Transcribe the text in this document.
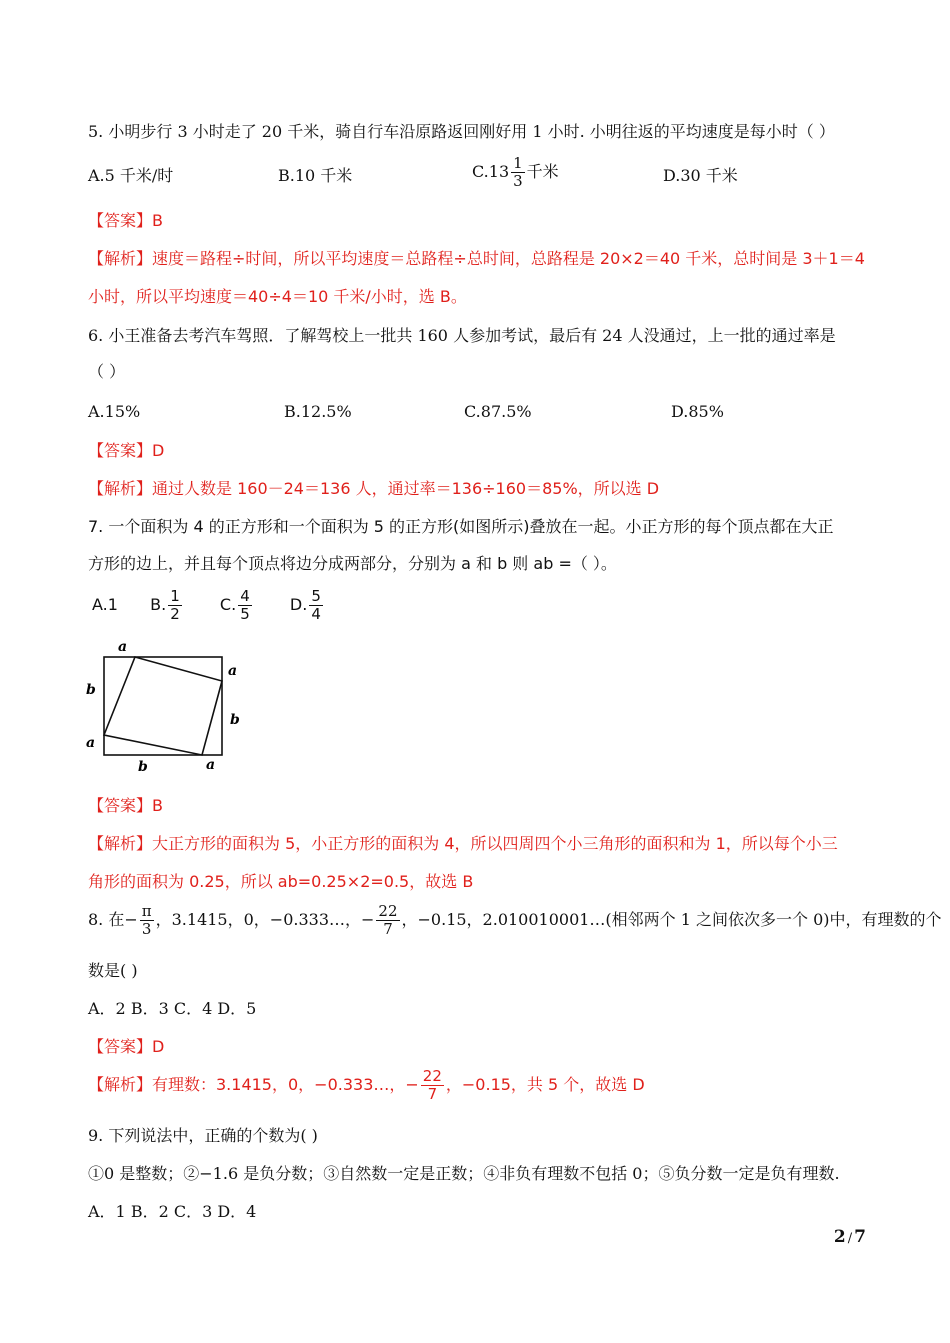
5. 小明步行 3 小时走了 20 千米，骑自行车沿原路返回刚好用 1 小时. 小明往返的平均速度是每小时（ ）
A.5 千米/时	B.10 千米	$C.13 \frac{1}{3}$ 千米	D.30 千米
【答案】B
【解析】速度＝路程÷时间，所以平均速度＝总路程÷总时间，总路程是 20×2＝40 千米，总时间是 3＋1＝4
小时，所以平均速度＝40÷4＝10 千米/小时，选 B。
6. 小王准备去考汽车驾照．了解驾校上一批共 160 人参加考试，最后有 24 人没通过，上一批的通过率是
（ ）
A.15%	B.12.5%	C.87.5%	D.85%
【答案】D
【解析】通过人数是 160－24＝136 人，通过率＝136÷160＝85%，所以选 D
7. 一个面积为 4 的正方形和一个面积为 5 的正方形(如图所示)叠放在一起。小正方形的每个顶点都在大正
方形的边上，并且每个顶点将边分成两部分，分别为 a 和 b 则 ab =（ ）。
A.1 B. $\frac{1}{2} C$. $\frac{4}{5} D$. $\frac{5}{4}$
a
a
b
b
a
b	a
【答案】B
【解析】大正方形的面积为 5，小正方形的面积为 4，所以四周四个小三角形的面积和为 1，所以每个小三
角形的面积为 0.25，所以 ab=0.25×2=0.5，故选 B
8. 在− $\frac{\pi}{3}$ ，3.1415，0，−0.333…，− $\frac{22}{7}$ ，−0.15，2.010010001…(相邻两个 1 之间依次多一个 0)中，有理数的个
数是( )
A．2 B．3 C．4 D．5
【答案】D
【解析】有理数：3.1415，0，−0.333…，− $\frac{22}{7}$ ，−0.15，共 5 个，故选 D
9. 下列说法中，正确的个数为( )
①0 是整数；②−1.6 是负分数；③自然数一定是正数；④非负有理数不包括 0；⑤负分数一定是负有理数.
A．1 B．2 C．3 D．4
2 / 7
